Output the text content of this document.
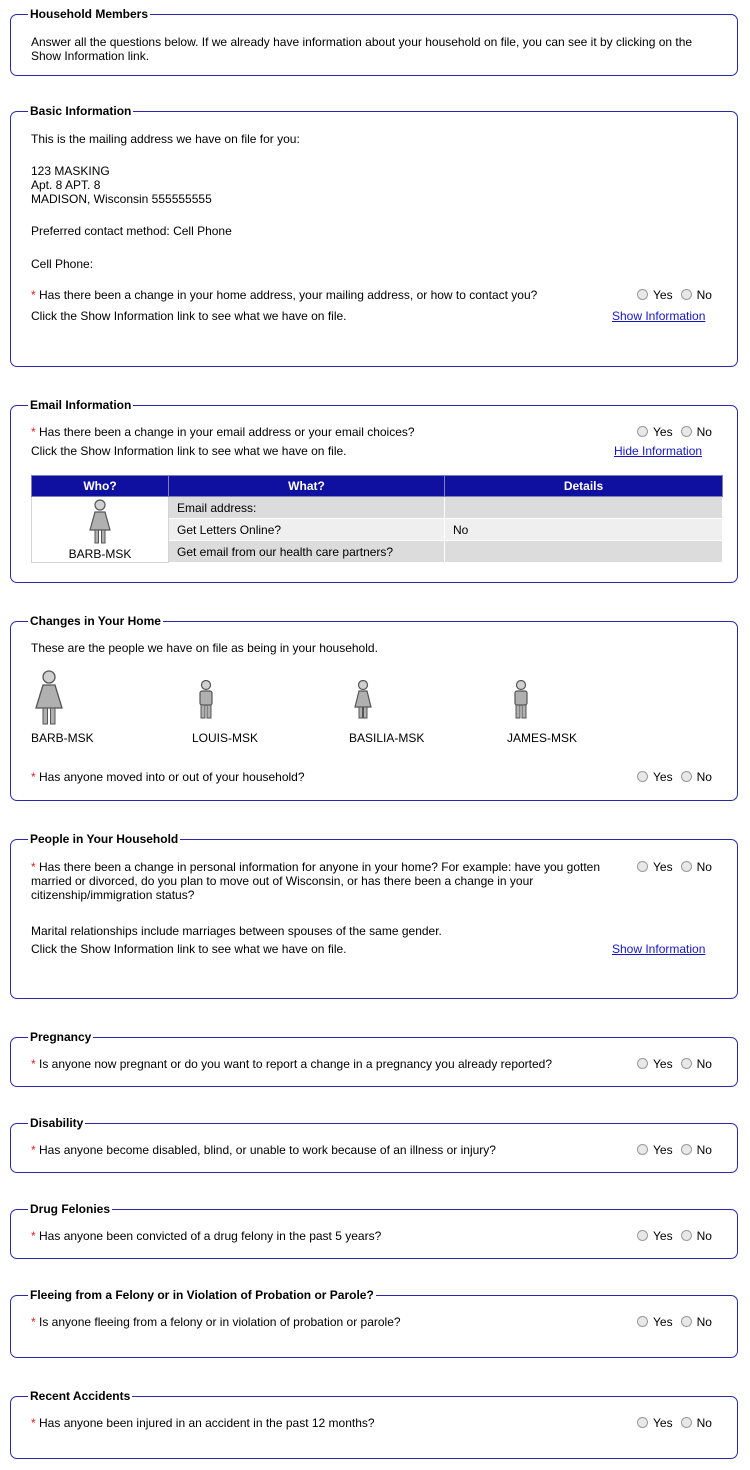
Household Members
Answer all the questions below. If we already have information about your household on file, you can see it by clicking on the Show Information link.
Basic Information
This is the mailing address we have on file for you:
123 MASKING
Apt. 8 APT. 8
MADISON, Wisconsin 555555555
Preferred contact method: Cell Phone
Cell Phone:
* Has there been a change in your home address, your mailing address, or how to contact you?	Yes No
Click the Show Information link to see what we have on file.	Show Information
Email Information
* Has there been a change in your email address or your email choices?	Yes No
Click the Show Information link to see what we have on file.	Hide Information
Who?	What?	Details

BARB-MSK	Email address:	
	Get Letters Online?	No
	Get email from our health care partners?	
Changes in Your Home
These are the people we have on file as being in your household.
BARB-MSK	LOUIS-MSK	BASILIA-MSK	JAMES-MSK
* Has anyone moved into or out of your household?	Yes No
People in Your Household
* Has there been a change in personal information for anyone in your home? For example: have you gotten married or divorced, do you plan to move out of Wisconsin, or has there been a change in your citizenship/immigration status?
Yes No
Marital relationships include marriages between spouses of the same gender.
Click the Show Information link to see what we have on file.	Show Information
Pregnancy
* Is anyone now pregnant or do you want to report a change in a pregnancy you already reported?	Yes No
Disability
* Has anyone become disabled, blind, or unable to work because of an illness or injury?	Yes No
Drug Felonies
* Has anyone been convicted of a drug felony in the past 5 years?	Yes No
Fleeing from a Felony or in Violation of Probation or Parole?
* Is anyone fleeing from a felony or in violation of probation or parole?	Yes No
Recent Accidents
* Has anyone been injured in an accident in the past 12 months?	Yes No
